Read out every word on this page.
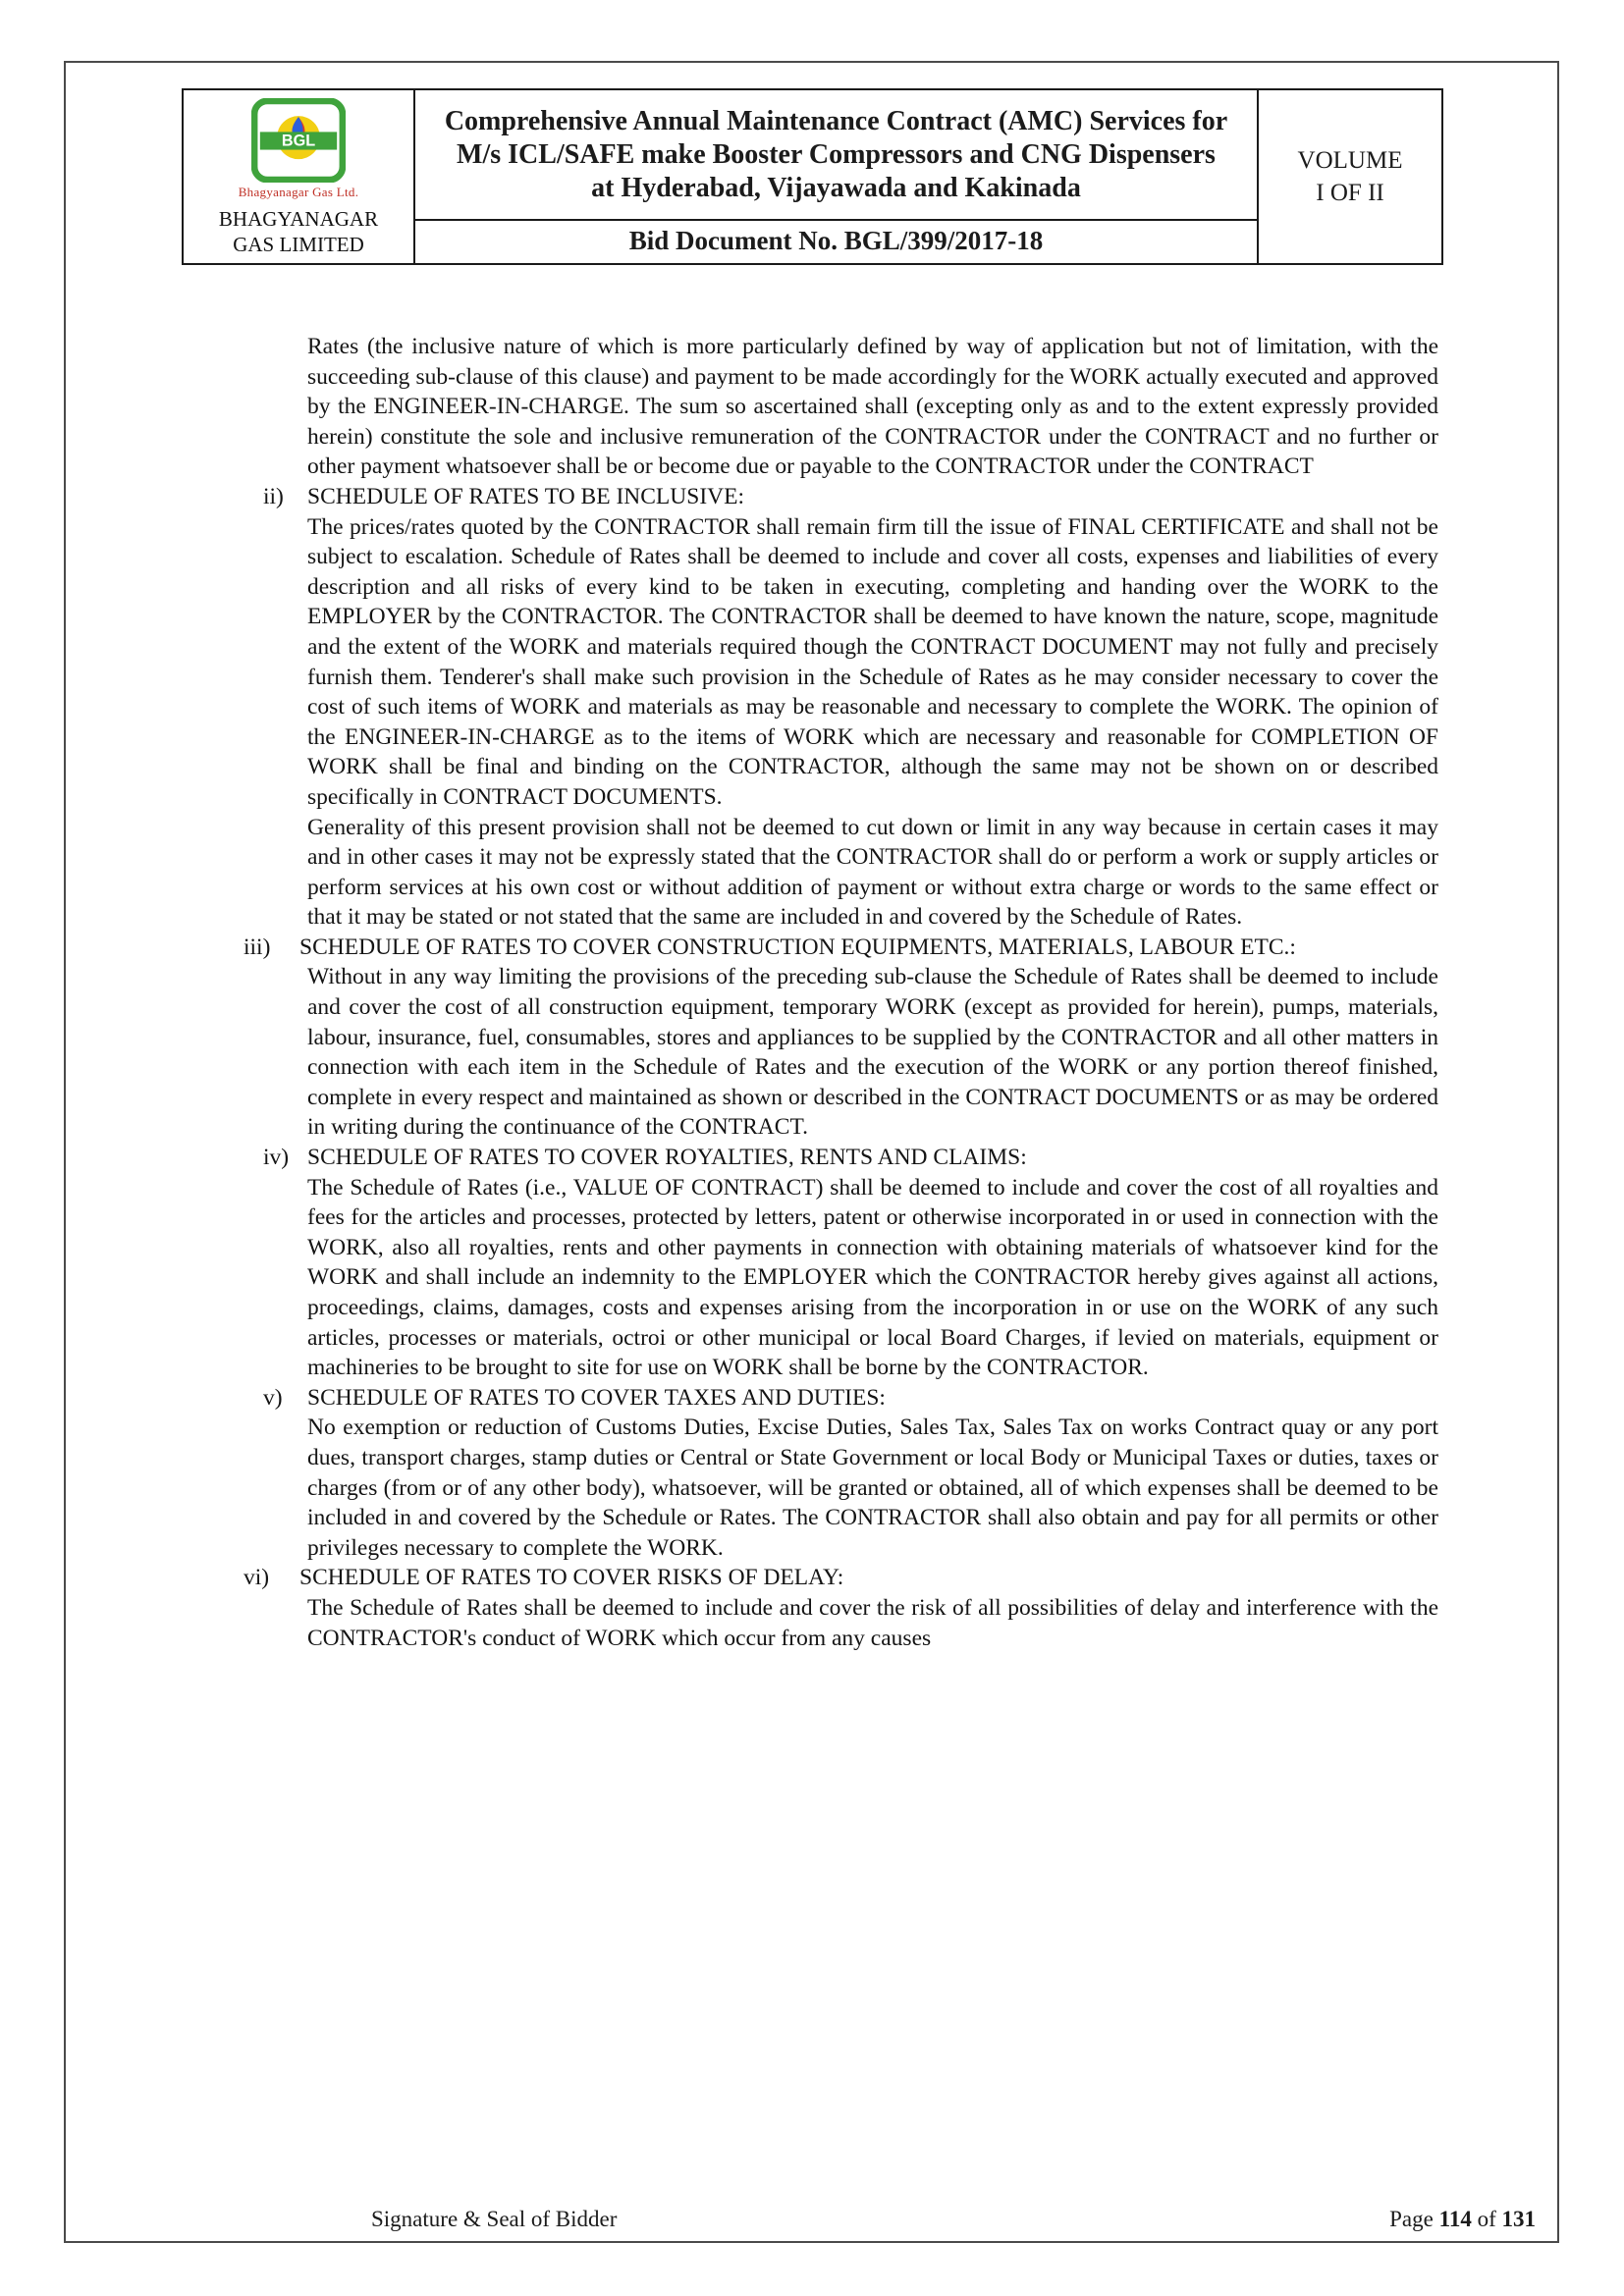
BGL
Bhagyanagar Gas Ltd.
BHAGYANAGAR
GAS LIMITED
Comprehensive Annual Maintenance Contract (AMC) Services for M/s ICL/SAFE make Booster Compressors and CNG Dispensers at Hyderabad, Vijayawada and Kakinada
Bid Document No. BGL/399/2017-18
VOLUME
I OF II

Rates (the inclusive nature of which is more particularly defined by way of application but not of limitation, with the succeeding sub-clause of this clause) and payment to be made accordingly for the WORK actually executed and approved by the ENGINEER-IN-CHARGE. The sum so ascertained shall (excepting only as and to the extent expressly provided herein) constitute the sole and inclusive remuneration of the CONTRACTOR under the CONTRACT and no further or other payment whatsoever shall be or become due or payable to the CONTRACTOR under the CONTRACT

ii) SCHEDULE OF RATES TO BE INCLUSIVE:

The prices/rates quoted by the CONTRACTOR shall remain firm till the issue of FINAL CERTIFICATE and shall not be subject to escalation. Schedule of Rates shall be deemed to include and cover all costs, expenses and liabilities of every description and all risks of every kind to be taken in executing, completing and handing over the WORK to the EMPLOYER by the CONTRACTOR. The CONTRACTOR shall be deemed to have known the nature, scope, magnitude and the extent of the WORK and materials required though the CONTRACT DOCUMENT may not fully and precisely furnish them. Tenderer's shall make such provision in the Schedule of Rates as he may consider necessary to cover the cost of such items of WORK and materials as may be reasonable and necessary to complete the WORK. The opinion of the ENGINEER-IN-CHARGE as to the items of WORK which are necessary and reasonable for COMPLETION OF WORK shall be final and binding on the CONTRACTOR, although the same may not be shown on or described specifically in CONTRACT DOCUMENTS.

Generality of this present provision shall not be deemed to cut down or limit in any way because in certain cases it may and in other cases it may not be expressly stated that the CONTRACTOR shall do or perform a work or supply articles or perform services at his own cost or without addition of payment or without extra charge or words to the same effect or that it may be stated or not stated that the same are included in and covered by the Schedule of Rates.

iii) SCHEDULE OF RATES TO COVER CONSTRUCTION EQUIPMENTS, MATERIALS, LABOUR ETC.:

Without in any way limiting the provisions of the preceding sub-clause the Schedule of Rates shall be deemed to include and cover the cost of all construction equipment, temporary WORK (except as provided for herein), pumps, materials, labour, insurance, fuel, consumables, stores and appliances to be supplied by the CONTRACTOR and all other matters in connection with each item in the Schedule of Rates and the execution of the WORK or any portion thereof finished, complete in every respect and maintained as shown or described in the CONTRACT DOCUMENTS or as may be ordered in writing during the continuance of the CONTRACT.

iv) SCHEDULE OF RATES TO COVER ROYALTIES, RENTS AND CLAIMS:

The Schedule of Rates (i.e., VALUE OF CONTRACT) shall be deemed to include and cover the cost of all royalties and fees for the articles and processes, protected by letters, patent or otherwise incorporated in or used in connection with the WORK, also all royalties, rents and other payments in connection with obtaining materials of whatsoever kind for the WORK and shall include an indemnity to the EMPLOYER which the CONTRACTOR hereby gives against all actions, proceedings, claims, damages, costs and expenses arising from the incorporation in or use on the WORK of any such articles, processes or materials, octroi or other municipal or local Board Charges, if levied on materials, equipment or machineries to be brought to site for use on WORK shall be borne by the CONTRACTOR.

v) SCHEDULE OF RATES TO COVER TAXES AND DUTIES:

No exemption or reduction of Customs Duties, Excise Duties, Sales Tax, Sales Tax on works Contract quay or any port dues, transport charges, stamp duties or Central or State Government or local Body or Municipal Taxes or duties, taxes or charges (from or of any other body), whatsoever, will be granted or obtained, all of which expenses shall be deemed to be included in and covered by the Schedule or Rates. The CONTRACTOR shall also obtain and pay for all permits or other privileges necessary to complete the WORK.

vi) SCHEDULE OF RATES TO COVER RISKS OF DELAY:

The Schedule of Rates shall be deemed to include and cover the risk of all possibilities of delay and interference with the CONTRACTOR's conduct of WORK which occur from any causes

Signature & Seal of Bidder	Page 114 of 131
